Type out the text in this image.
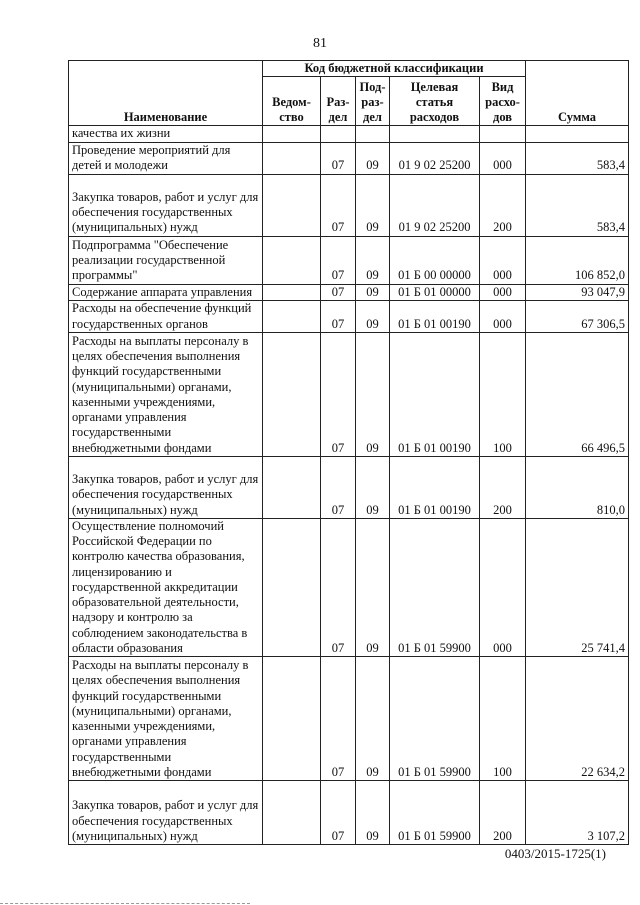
81
Наименование	Код бюджетной классификации					Сумма
	Ведом-ство	Раз-дел	Под-раз-дел	Целевая статья расходов	Вид расхо-дов	
качества их жизни						
Проведение мероприятий для детей и молодежи		07	09	01 9 02 25200	000	583,4
Закупка товаров, работ и услуг для обеспечения государственных (муниципальных) нужд		07	09	01 9 02 25200	200	583,4
Подпрограмма "Обеспечение реализации государственной программы"		07	09	01 Б 00 00000	000	106 852,0
Содержание аппарата управления		07	09	01 Б 01 00000	000	93 047,9
Расходы на обеспечение функций государственных органов		07	09	01 Б 01 00190	000	67 306,5
Расходы на выплаты персоналу в целях обеспечения выполнения функций государственными (муниципальными) органами, казенными учреждениями, органами управления государственными внебюджетными фондами		07	09	01 Б 01 00190	100	66 496,5
Закупка товаров, работ и услуг для обеспечения государственных (муниципальных) нужд		07	09	01 Б 01 00190	200	810,0
Осуществление полномочий Российской Федерации по контролю качества образования, лицензированию и государственной аккредитации образовательной деятельности, надзору и контролю за соблюдением законодательства в области образования		07	09	01 Б 01 59900	000	25 741,4
Расходы на выплаты персоналу в целях обеспечения выполнения функций государственными (муниципальными) органами, казенными учреждениями, органами управления государственными внебюджетными фондами		07	09	01 Б 01 59900	100	22 634,2
Закупка товаров, работ и услуг для обеспечения государственных (муниципальных) нужд		07	09	01 Б 01 59900	200	3 107,2
0403/2015-1725(1)
